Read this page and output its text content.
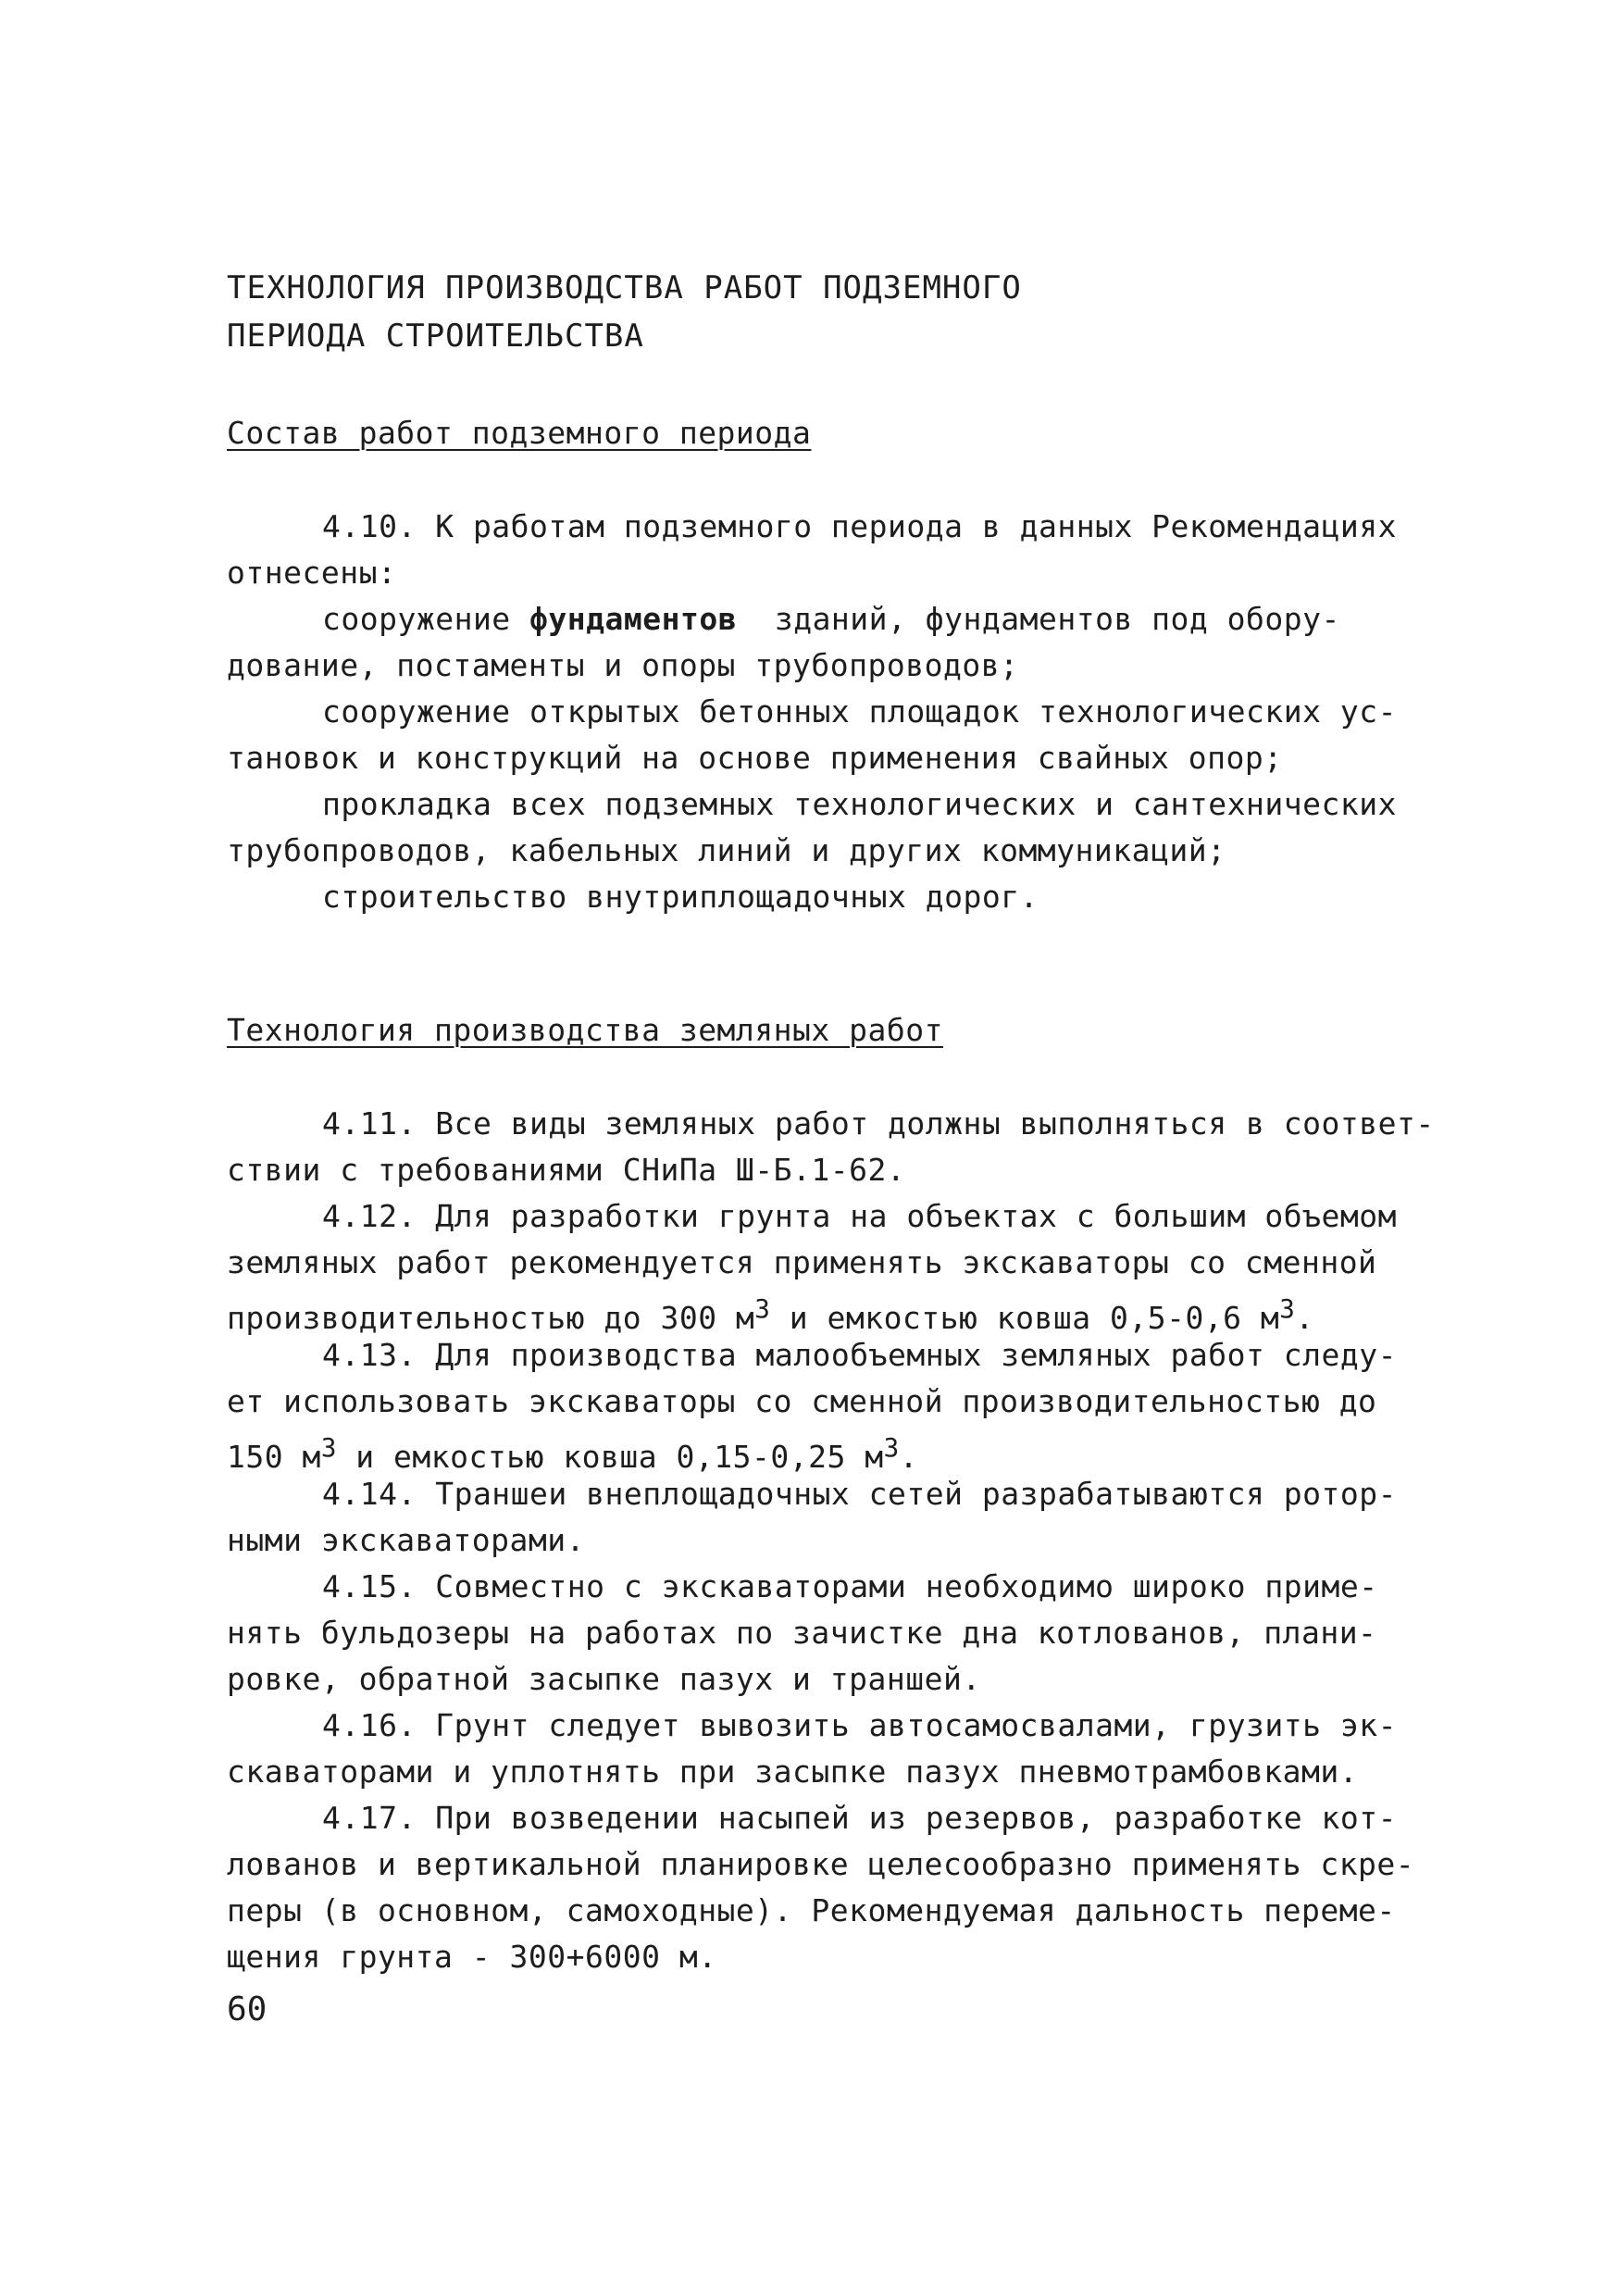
ТЕХНОЛОГИЯ ПРОИЗВОДСТВА РАБОТ ПОДЗЕМНОГО
ПЕРИОДА СТРОИТЕЛЬСТВА
Состав работ подземного периода
4.10. К работам подземного периода в данных Рекомендациях
отнесены:
сооружение фундаментов  зданий, фундаментов под обору-
дование, постаменты и опоры трубопроводов;
сооружение открытых бетонных площадок технологических ус-
тановок и конструкций на основе применения свайных опор;
прокладка всех подземных технологических и сантехнических
трубопроводов, кабельных линий и других коммуникаций;
строительство внутриплощадочных дорог.
Технология производства земляных работ
4.11. Все виды земляных работ должны выполняться в соответ-
ствии с требованиями СНиПа Ш-Б.1-62.
4.12. Для разработки грунта на объектах с большим объемом
земляных работ рекомендуется применять экскаваторы со сменной
производительностью до 300 $м^3$ и емкостью ковша 0,5-0,6 $м^3$.
4.13. Для производства малообъемных земляных работ следу-
ет использовать экскаваторы со сменной производительностью до
150 $м^3$ и емкостью ковша 0,15-0,25 $м^3$.
4.14. Траншеи внеплощадочных сетей разрабатываются ротор-
ными экскаваторами.
4.15. Совместно с экскаваторами необходимо широко приме-
нять бульдозеры на работах по зачистке дна котлованов, плани-
ровке, обратной засыпке пазух и траншей.
4.16. Грунт следует вывозить автосамосвалами, грузить эк-
скаваторами и уплотнять при засыпке пазух пневмотрамбовками.
4.17. При возведении насыпей из резервов, разработке кот-
лованов и вертикальной планировке целесообразно применять скре-
перы (в основном, самоходные). Рекомендуемая дальность переме-
щения грунта - 300+6000 м.
60
